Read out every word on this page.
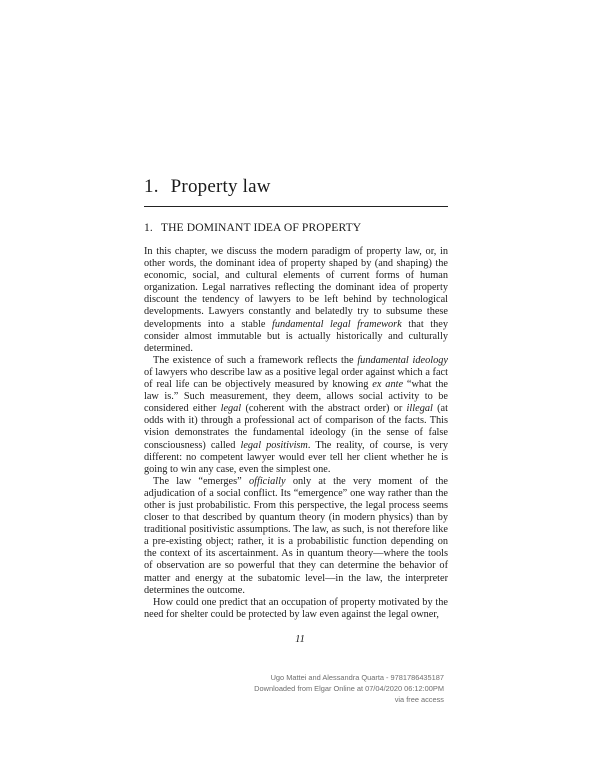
1. Property law
1. THE DOMINANT IDEA OF PROPERTY

In this chapter, we discuss the modern paradigm of property law, or, in other words, the dominant idea of property shaped by (and shaping) the economic, social, and cultural elements of current forms of human organization. Legal narratives reflecting the dominant idea of property discount the tendency of lawyers to be left behind by technological developments. Lawyers constantly and belatedly try to subsume these developments into a stable fundamental legal framework that they consider almost immutable but is actually historically and culturally determined.

The existence of such a framework reflects the fundamental ideology of lawyers who describe law as a positive legal order against which a fact of real life can be objectively measured by knowing ex ante “what the law is.” Such measurement, they deem, allows social activity to be considered either legal (coherent with the abstract order) or illegal (at odds with it) through a professional act of comparison of the facts. This vision demonstrates the fundamental ideology (in the sense of false consciousness) called legal positivism. The reality, of course, is very different: no competent lawyer would ever tell her client whether he is going to win any case, even the simplest one.

The law “emerges” officially only at the very moment of the adjudication of a social conflict. Its “emergence” one way rather than the other is just probabilistic. From this perspective, the legal process seems closer to that described by quantum theory (in modern physics) than by traditional positivistic assumptions. The law, as such, is not therefore like a pre-existing object; rather, it is a probabilistic function depending on the context of its ascertainment. As in quantum theory—where the tools of observation are so powerful that they can determine the behavior of matter and energy at the subatomic level—in the law, the interpreter determines the outcome.

How could one predict that an occupation of property motivated by the need for shelter could be protected by law even against the legal owner,

11
Ugo Mattei and Alessandra Quarta - 9781786435187
Downloaded from Elgar Online at 07/04/2020 06:12:00PM
via free access
